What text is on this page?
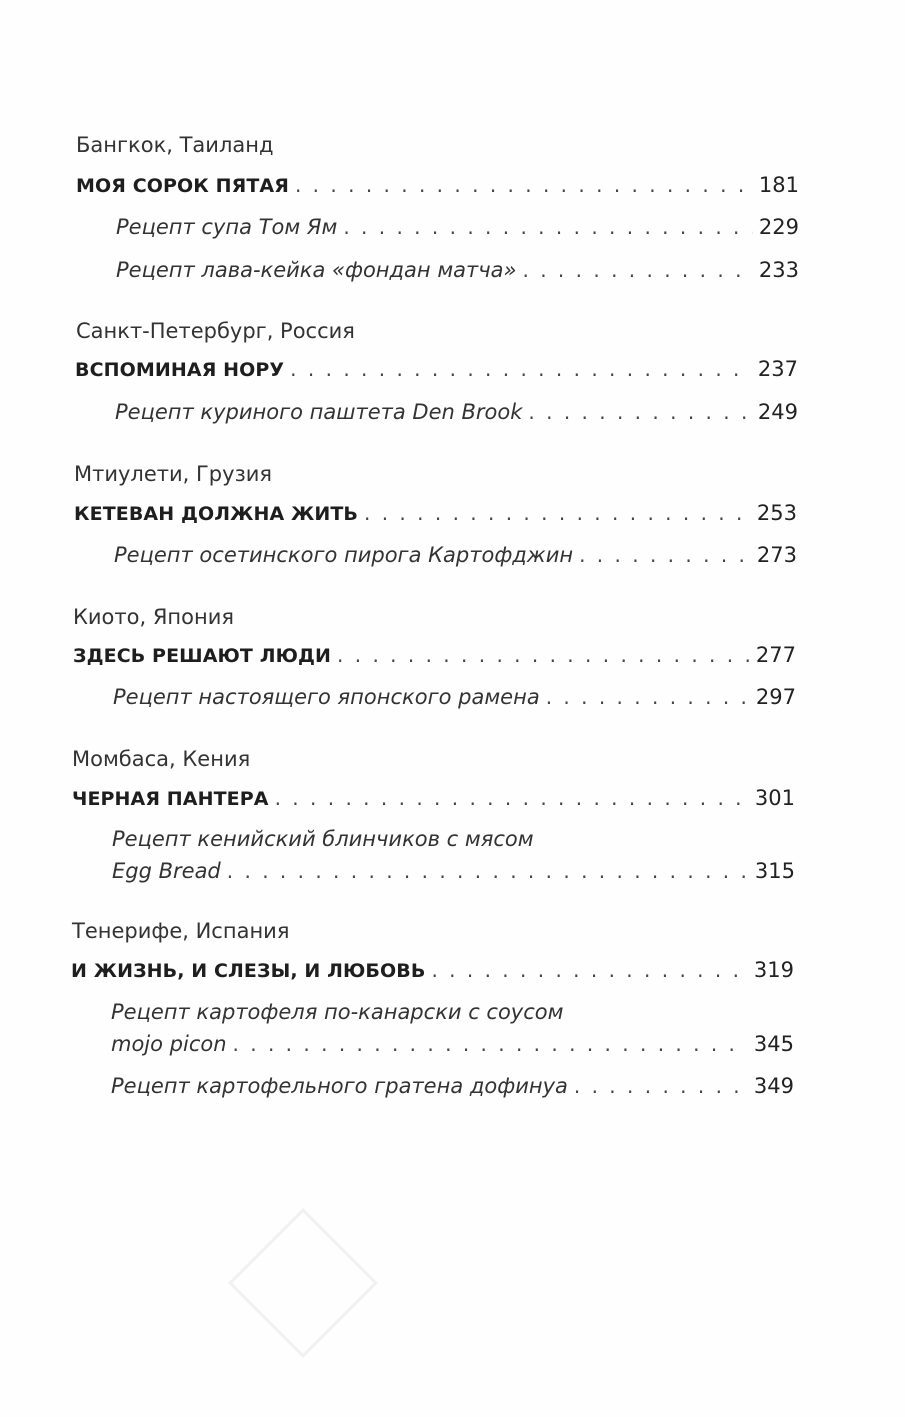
Бангкок, Таиланд
МОЯ СОРОК ПЯТАЯ . . .	181
Рецепт супа Том Ям . . .	229
Рецепт лава-кейка «фондан матча» . . .	233
Санкт-Петербург, Россия
ВСПОМИНАЯ НОРУ . . .	237
Рецепт куриного паштета Den Brook . . .	249
Мтиулети, Грузия
КЕТЕВАН ДОЛЖНА ЖИТЬ . . .	253
Рецепт осетинского пирога Картофджин . . .	273
Киото, Япония
ЗДЕСЬ РЕШАЮТ ЛЮДИ . . .	277
Рецепт настоящего японского рамена . . .	297
Момбаса, Кения
ЧЕРНАЯ ПАНТЕРА . . .	301
Рецепт кенийский блинчиков с мясом
Egg Bread . . .	315
Тенерифе, Испания
И ЖИЗНЬ, И СЛЕЗЫ, И ЛЮБОВЬ . . .	319
Рецепт картофеля по-канарски с соусом
mojo picon . . .	345
Рецепт картофельного гратена дофинуа . . .	349
